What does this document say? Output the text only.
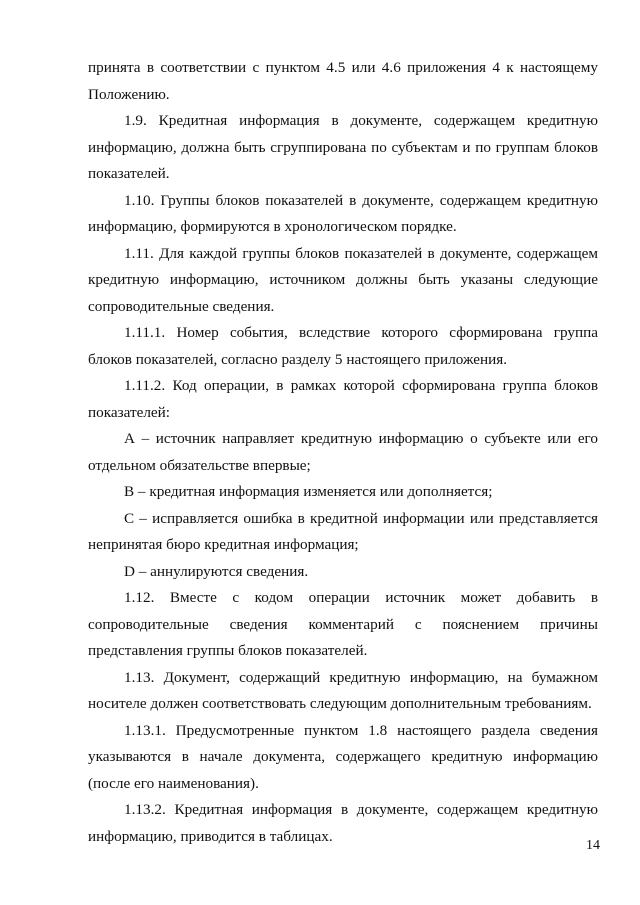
принята в соответствии с пунктом 4.5 или 4.6 приложения 4 к настоящему Положению.

1.9. Кредитная информация в документе, содержащем кредитную информацию, должна быть сгруппирована по субъектам и по группам блоков показателей.

1.10. Группы блоков показателей в документе, содержащем кредитную информацию, формируются в хронологическом порядке.

1.11. Для каждой группы блоков показателей в документе, содержащем кредитную информацию, источником должны быть указаны следующие сопроводительные сведения.

1.11.1. Номер события, вследствие которого сформирована группа блоков показателей, согласно разделу 5 настоящего приложения.

1.11.2. Код операции, в рамках которой сформирована группа блоков показателей:

А – источник направляет кредитную информацию о субъекте или его отдельном обязательстве впервые;

В – кредитная информация изменяется или дополняется;

С – исправляется ошибка в кредитной информации или представляется непринятая бюро кредитная информация;

D – аннулируются сведения.

1.12. Вместе с кодом операции источник может добавить в сопроводительные сведения комментарий с пояснением причины представления группы блоков показателей.

1.13. Документ, содержащий кредитную информацию, на бумажном носителе должен соответствовать следующим дополнительным требованиям.

1.13.1. Предусмотренные пунктом 1.8 настоящего раздела сведения указываются в начале документа, содержащего кредитную информацию (после его наименования).

1.13.2. Кредитная информация в документе, содержащем кредитную информацию, приводится в таблицах.

14
